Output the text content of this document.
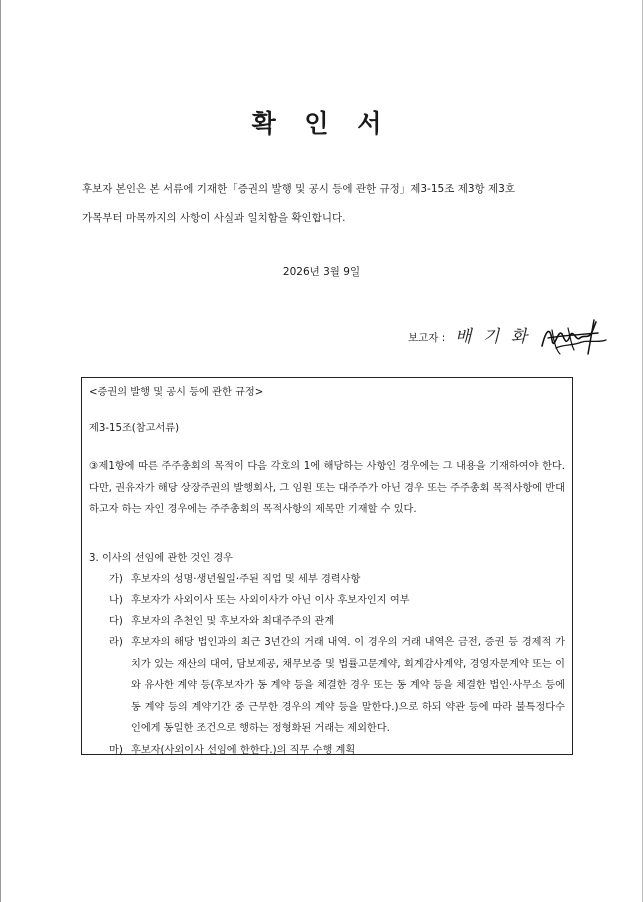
확 인 서

후보자 본인은 본 서류에 기재한「증권의 발행 및 공시 등에 관한 규정」제3-15조 제3항 제3호

가목부터 마목까지의 사항이 사실과 일치함을 확인합니다.

2026년 3월 9일

보고자 : 배 기 화

<증권의 발행 및 공시 등에 관한 규정>

제3-15조(참고서류)

③제1항에 따른 주주총회의 목적이 다음 각호의 1에 해당하는 사항인 경우에는 그 내용을 기재하여야 한다. 다만, 권유자가 해당 상장주권의 발행회사, 그 임원 또는 대주주가 아닌 경우 또는 주주총회 목적사항에 반대하고자 하는 자인 경우에는 주주총회의 목적사항의 제목만 기재할 수 있다.

3. 이사의 선임에 관한 것인 경우

가) 후보자의 성명·생년월일·주된 직업 및 세부 경력사항

나) 후보자가 사외이사 또는 사외이사가 아닌 이사 후보자인지 여부

다) 후보자의 추천인 및 후보자와 최대주주의 관계

라) 후보자의 해당 법인과의 최근 3년간의 거래 내역. 이 경우의 거래 내역은 금전, 증권 등 경제적 가치가 있는 재산의 대여, 담보제공, 채무보증 및 법률고문계약, 회계감사계약, 경영자문계약 또는 이와 유사한 계약 등(후보자가 동 계약 등을 체결한 경우 또는 동 계약 등을 체결한 법인·사무소 등에 동 계약 등의 계약기간 중 근무한 경우의 계약 등을 말한다.)으로 하되 약관 등에 따라 불특정다수인에게 동일한 조건으로 행하는 정형화된 거래는 제외한다.

마) 후보자(사외이사 선임에 한한다.)의 직무 수행 계획
